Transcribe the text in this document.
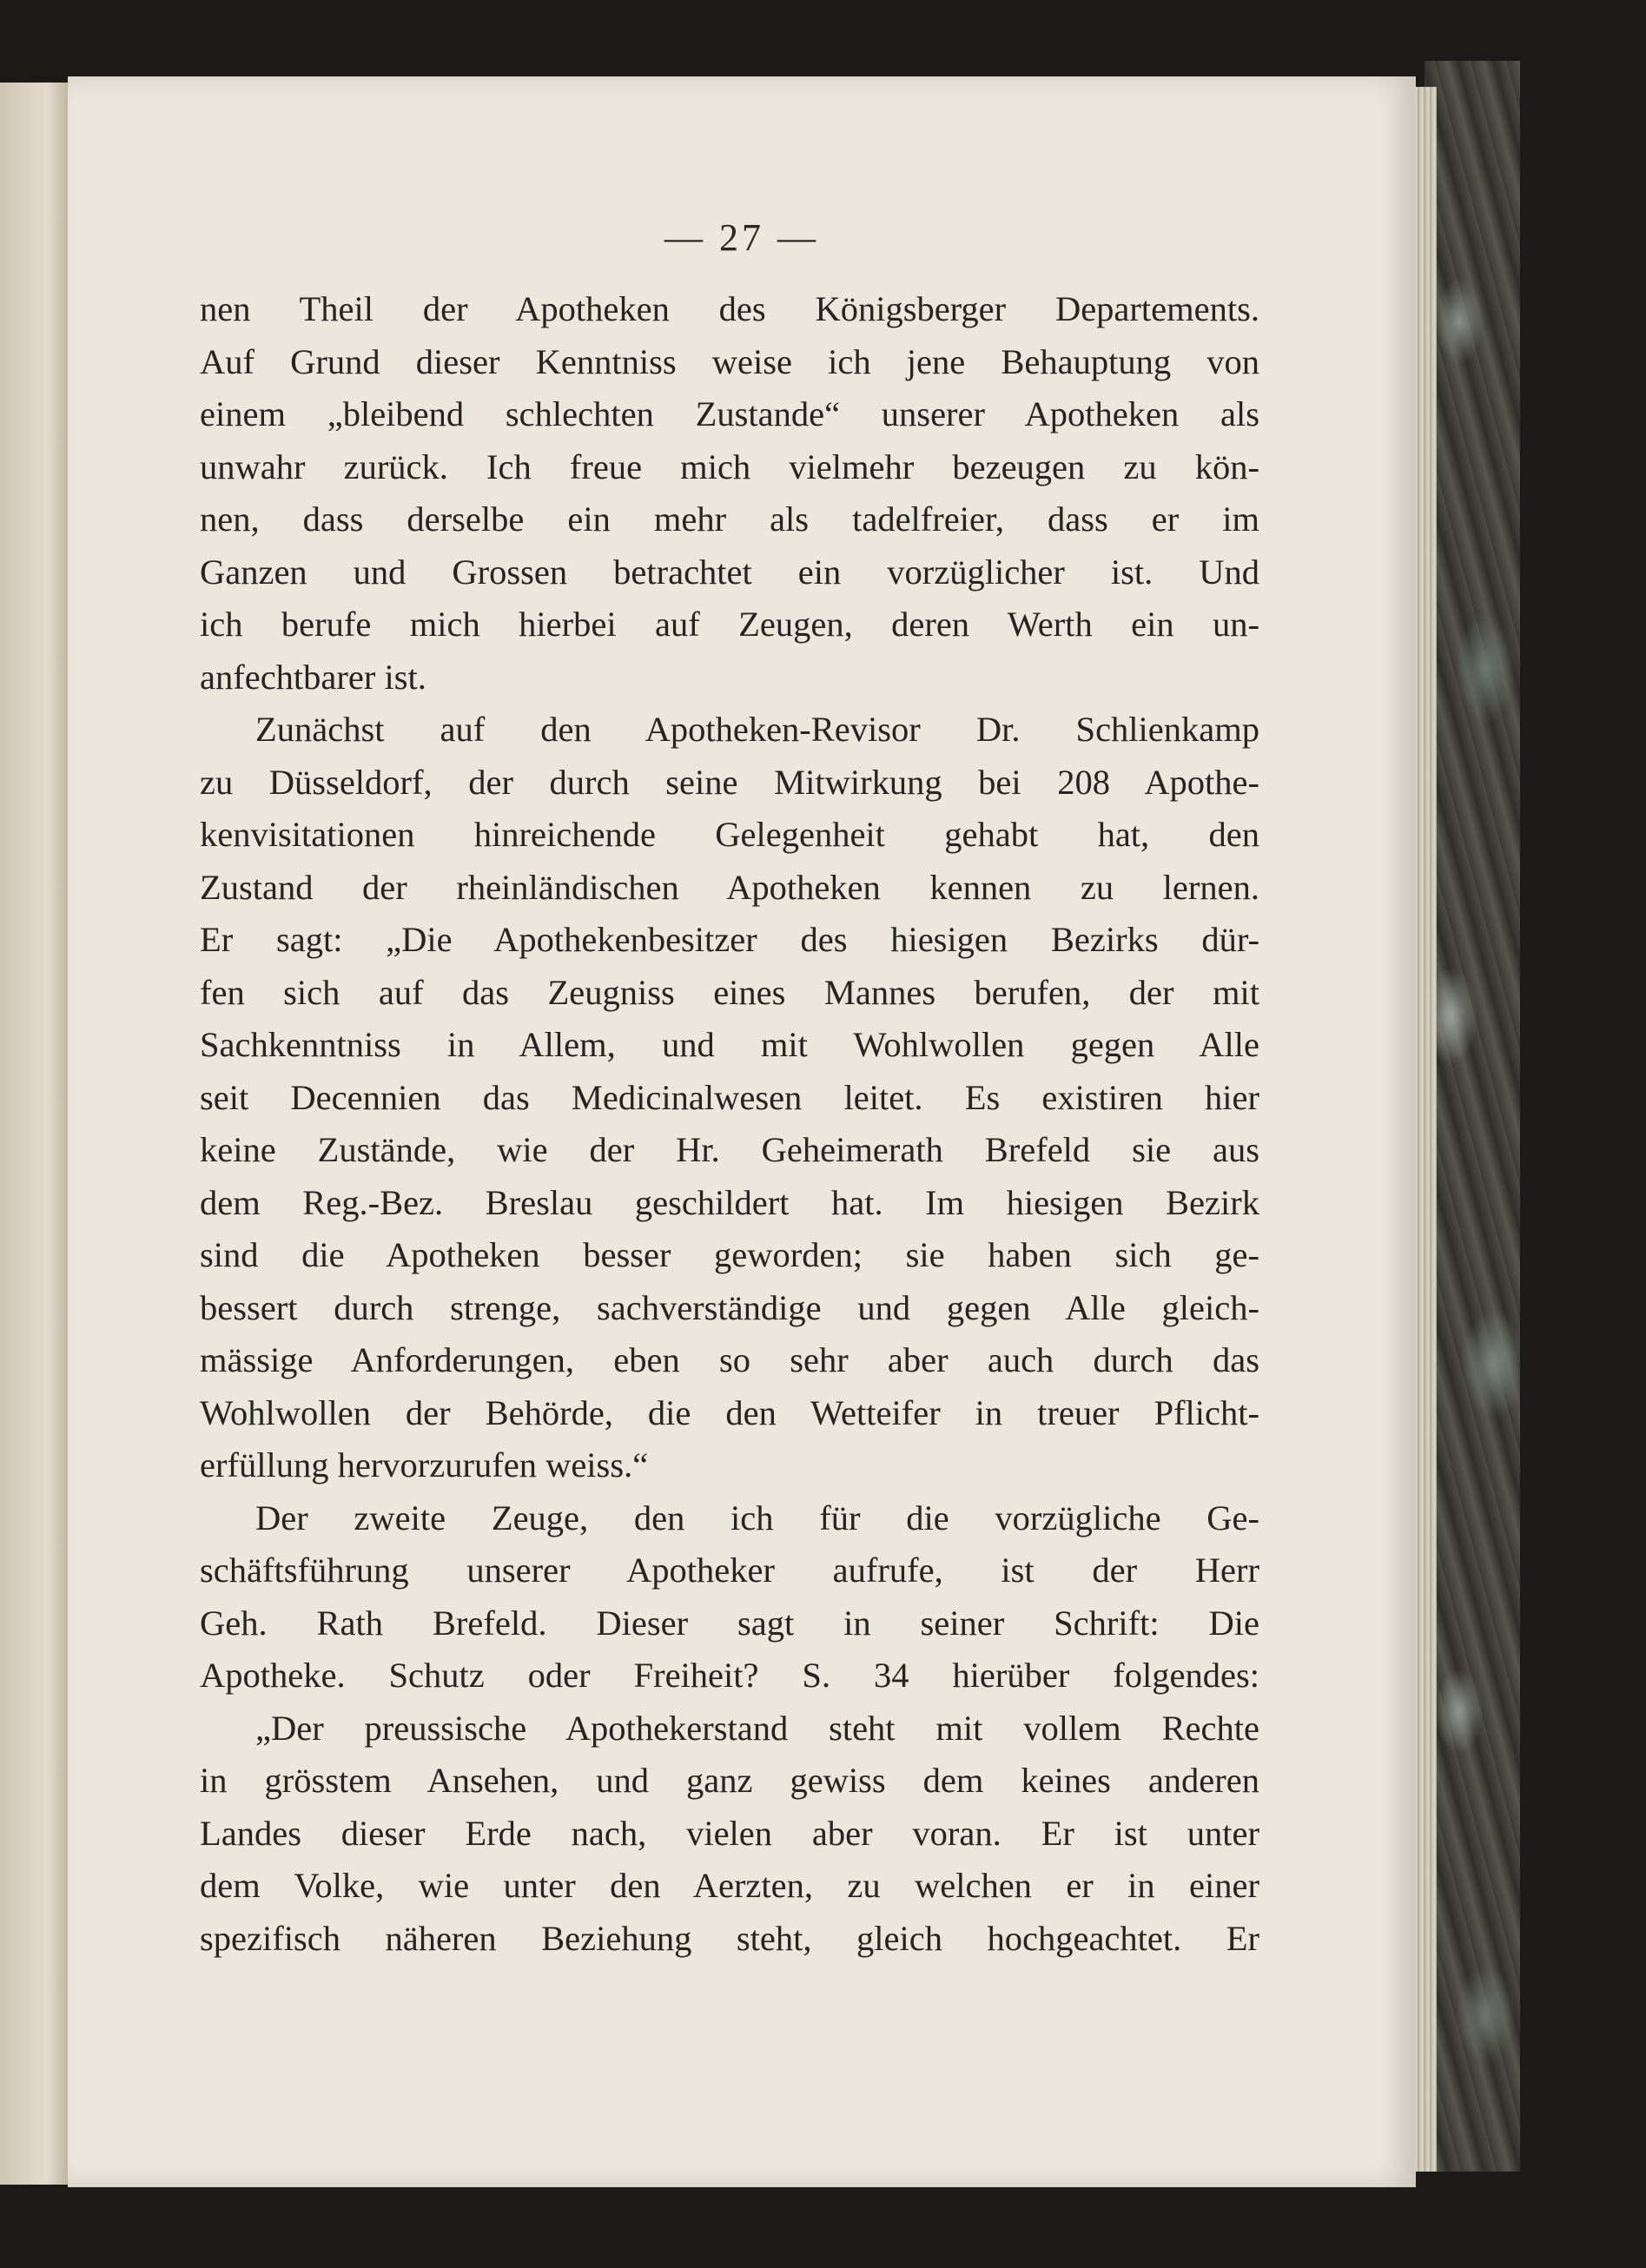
— 27 —
nen Theil der Apotheken des Königsberger Departements.
Auf Grund dieser Kenntniss weise ich jene Behauptung von
einem „bleibend schlechten Zustande“ unserer Apotheken als
unwahr zurück. Ich freue mich vielmehr bezeugen zu kön-
nen, dass derselbe ein mehr als tadelfreier, dass er im
Ganzen und Grossen betrachtet ein vorzüglicher ist. Und
ich berufe mich hierbei auf Zeugen, deren Werth ein un-
anfechtbarer ist.
Zunächst auf den Apotheken-Revisor Dr. Schlienkamp
zu Düsseldorf, der durch seine Mitwirkung bei 208 Apothe-
kenvisitationen hinreichende Gelegenheit gehabt hat, den
Zustand der rheinländischen Apotheken kennen zu lernen.
Er sagt: „Die Apothekenbesitzer des hiesigen Bezirks dür-
fen sich auf das Zeugniss eines Mannes berufen, der mit
Sachkenntniss in Allem, und mit Wohlwollen gegen Alle
seit Decennien das Medicinalwesen leitet. Es existiren hier
keine Zustände, wie der Hr. Geheimerath Brefeld sie aus
dem Reg.-Bez. Breslau geschildert hat. Im hiesigen Bezirk
sind die Apotheken besser geworden; sie haben sich ge-
bessert durch strenge, sachverständige und gegen Alle gleich-
mässige Anforderungen, eben so sehr aber auch durch das
Wohlwollen der Behörde, die den Wetteifer in treuer Pflicht-
erfüllung hervorzurufen weiss.“
Der zweite Zeuge, den ich für die vorzügliche Ge-
schäftsführung unserer Apotheker aufrufe, ist der Herr
Geh. Rath Brefeld. Dieser sagt in seiner Schrift: Die
Apotheke. Schutz oder Freiheit? S. 34 hierüber folgendes:
„Der preussische Apothekerstand steht mit vollem Rechte
in grösstem Ansehen, und ganz gewiss dem keines anderen
Landes dieser Erde nach, vielen aber voran. Er ist unter
dem Volke, wie unter den Aerzten, zu welchen er in einer
spezifisch näheren Beziehung steht, gleich hochgeachtet. Er
